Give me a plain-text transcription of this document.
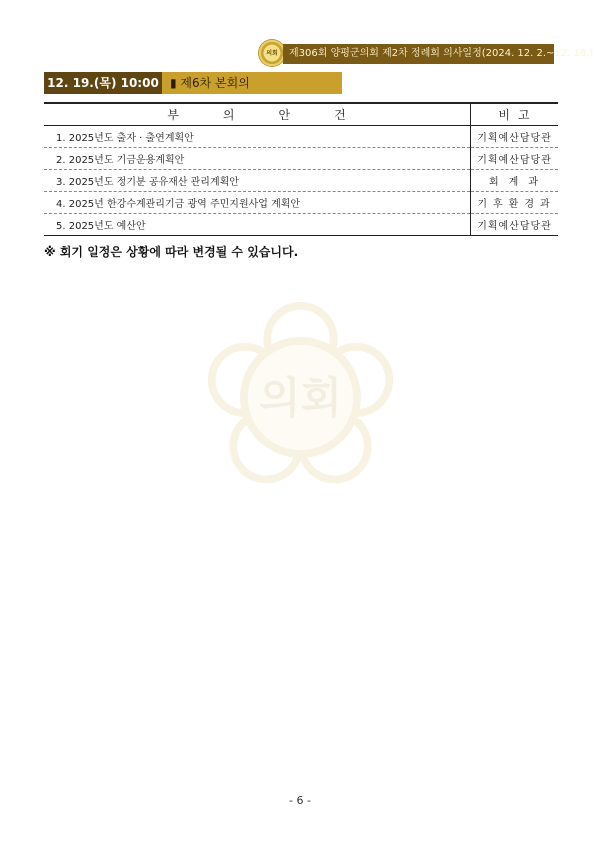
의회	제306회 양평군의회 제2차 정례회 의사일정(2024. 12. 2.~12. 18.)
12. 19.(목) 10:00 ▮ 제6차 본회의
의회
부의안건	비고
1. 2025년도 출자 · 출연계획안	기획예산담당관
2. 2025년도 기금운용계획안	기획예산담당관
3. 2025년도 정기분 공유재산 관리계획안	회계과
4. 2025년 한강수계관리기금 광역 주민지원사업 계획안	기후환경과
5. 2025년도 예산안	기획예산담당관
※ 회기 일정은 상황에 따라 변경될 수 있습니다.
- 6 -
